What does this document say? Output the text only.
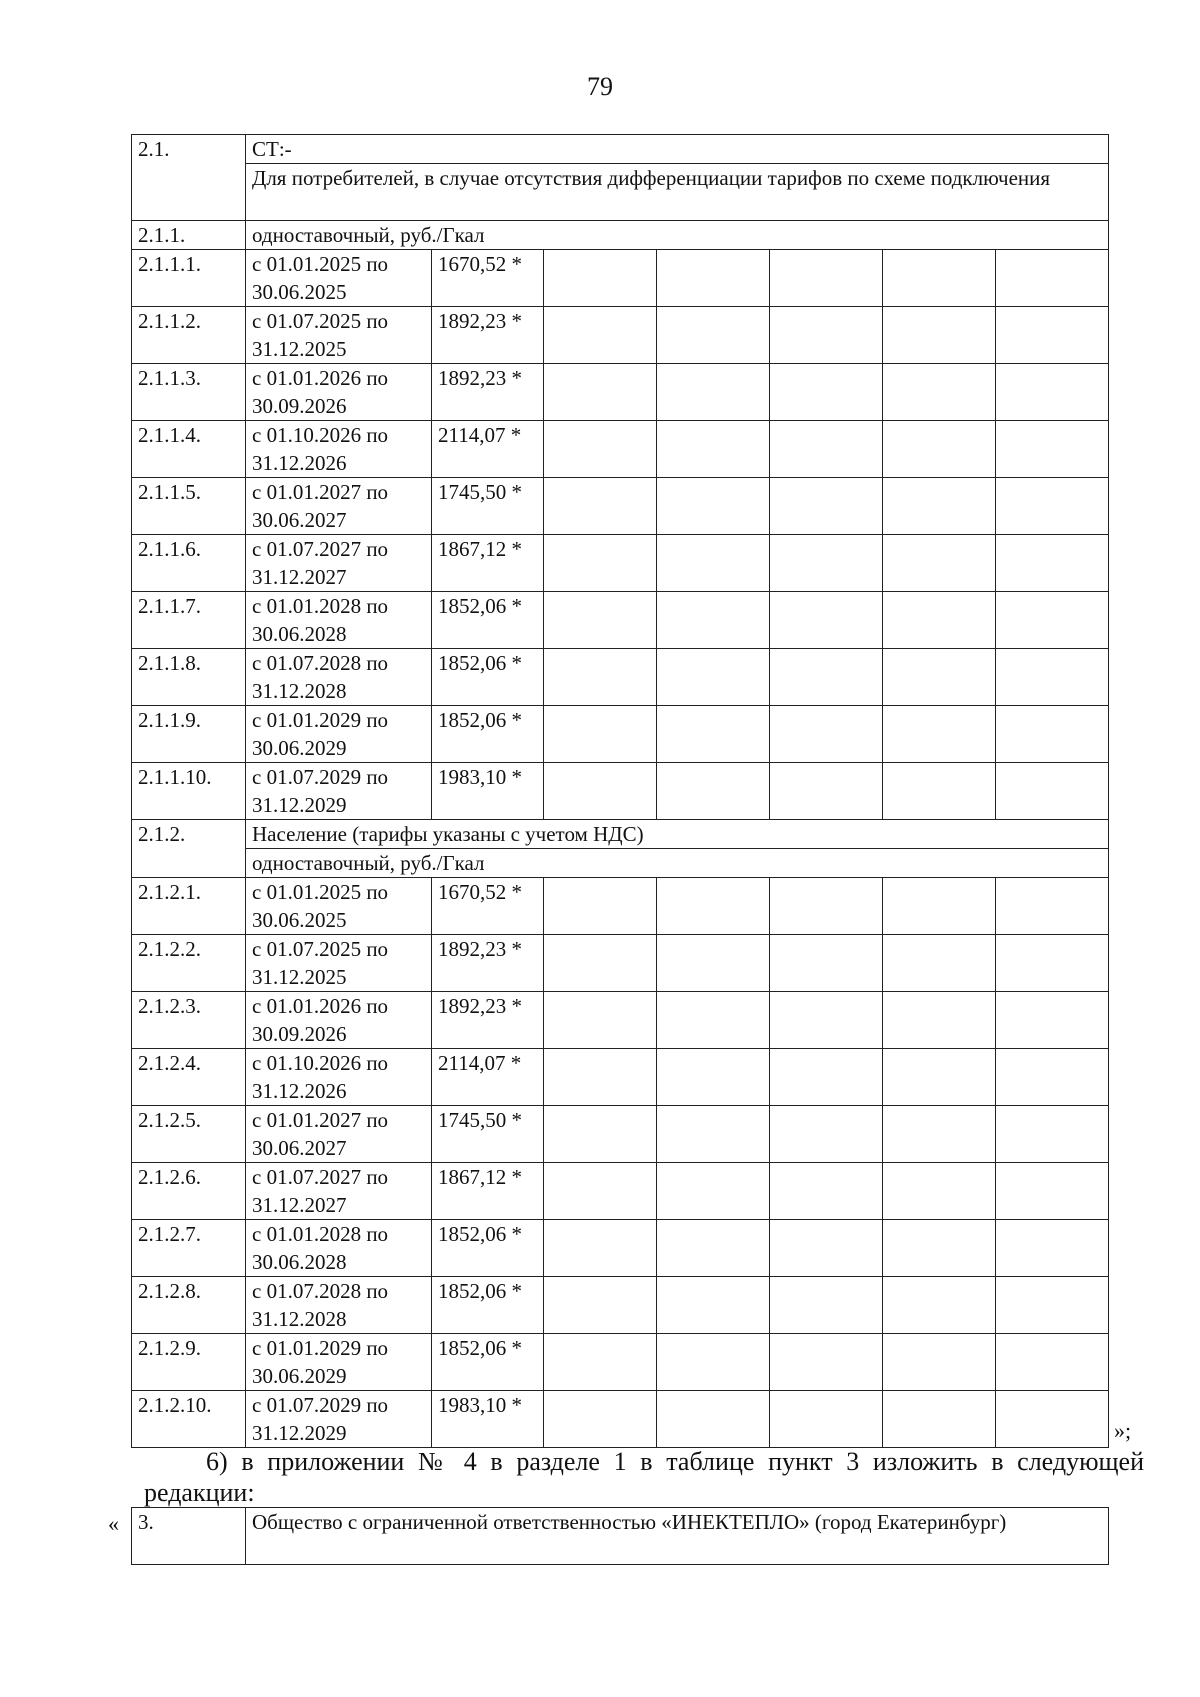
79
2.1.	СТ:-						
	Для потребителей, в случае отсутствия дифференциации тарифов по схеме подключения						
2.1.1.	одноставочный, руб./Гкал						
2.1.1.1.	с 01.01.2025 по 30.06.2025	1670,52 *					
2.1.1.2.	с 01.07.2025 по 31.12.2025	1892,23 *					
2.1.1.3.	с 01.01.2026 по 30.09.2026	1892,23 *					
2.1.1.4.	с 01.10.2026 по 31.12.2026	2114,07 *					
2.1.1.5.	с 01.01.2027 по 30.06.2027	1745,50 *					
2.1.1.6.	с 01.07.2027 по 31.12.2027	1867,12 *					
2.1.1.7.	с 01.01.2028 по 30.06.2028	1852,06 *					
2.1.1.8.	с 01.07.2028 по 31.12.2028	1852,06 *					
2.1.1.9.	с 01.01.2029 по 30.06.2029	1852,06 *					
2.1.1.10.	с 01.07.2029 по 31.12.2029	1983,10 *					
2.1.2.	Население (тарифы указаны с учетом НДС)						
	одноставочный, руб./Гкал						
2.1.2.1.	с 01.01.2025 по 30.06.2025	1670,52 *					
2.1.2.2.	с 01.07.2025 по 31.12.2025	1892,23 *					
2.1.2.3.	с 01.01.2026 по 30.09.2026	1892,23 *					
2.1.2.4.	с 01.10.2026 по 31.12.2026	2114,07 *					
2.1.2.5.	с 01.01.2027 по 30.06.2027	1745,50 *					
2.1.2.6.	с 01.07.2027 по 31.12.2027	1867,12 *					
2.1.2.7.	с 01.01.2028 по 30.06.2028	1852,06 *					
2.1.2.8.	с 01.07.2028 по 31.12.2028	1852,06 *					
2.1.2.9.	с 01.01.2029 по 30.06.2029	1852,06 *					
2.1.2.10.	с 01.07.2029 по 31.12.2029	1983,10 *					
»;
6) в приложении № 4 в разделе 1 в таблице пункт 3 изложить в следующей редакции:
« 3.	Общество с ограниченной ответственностью «ИНЕКТЕПЛО» (город Екатеринбург)
